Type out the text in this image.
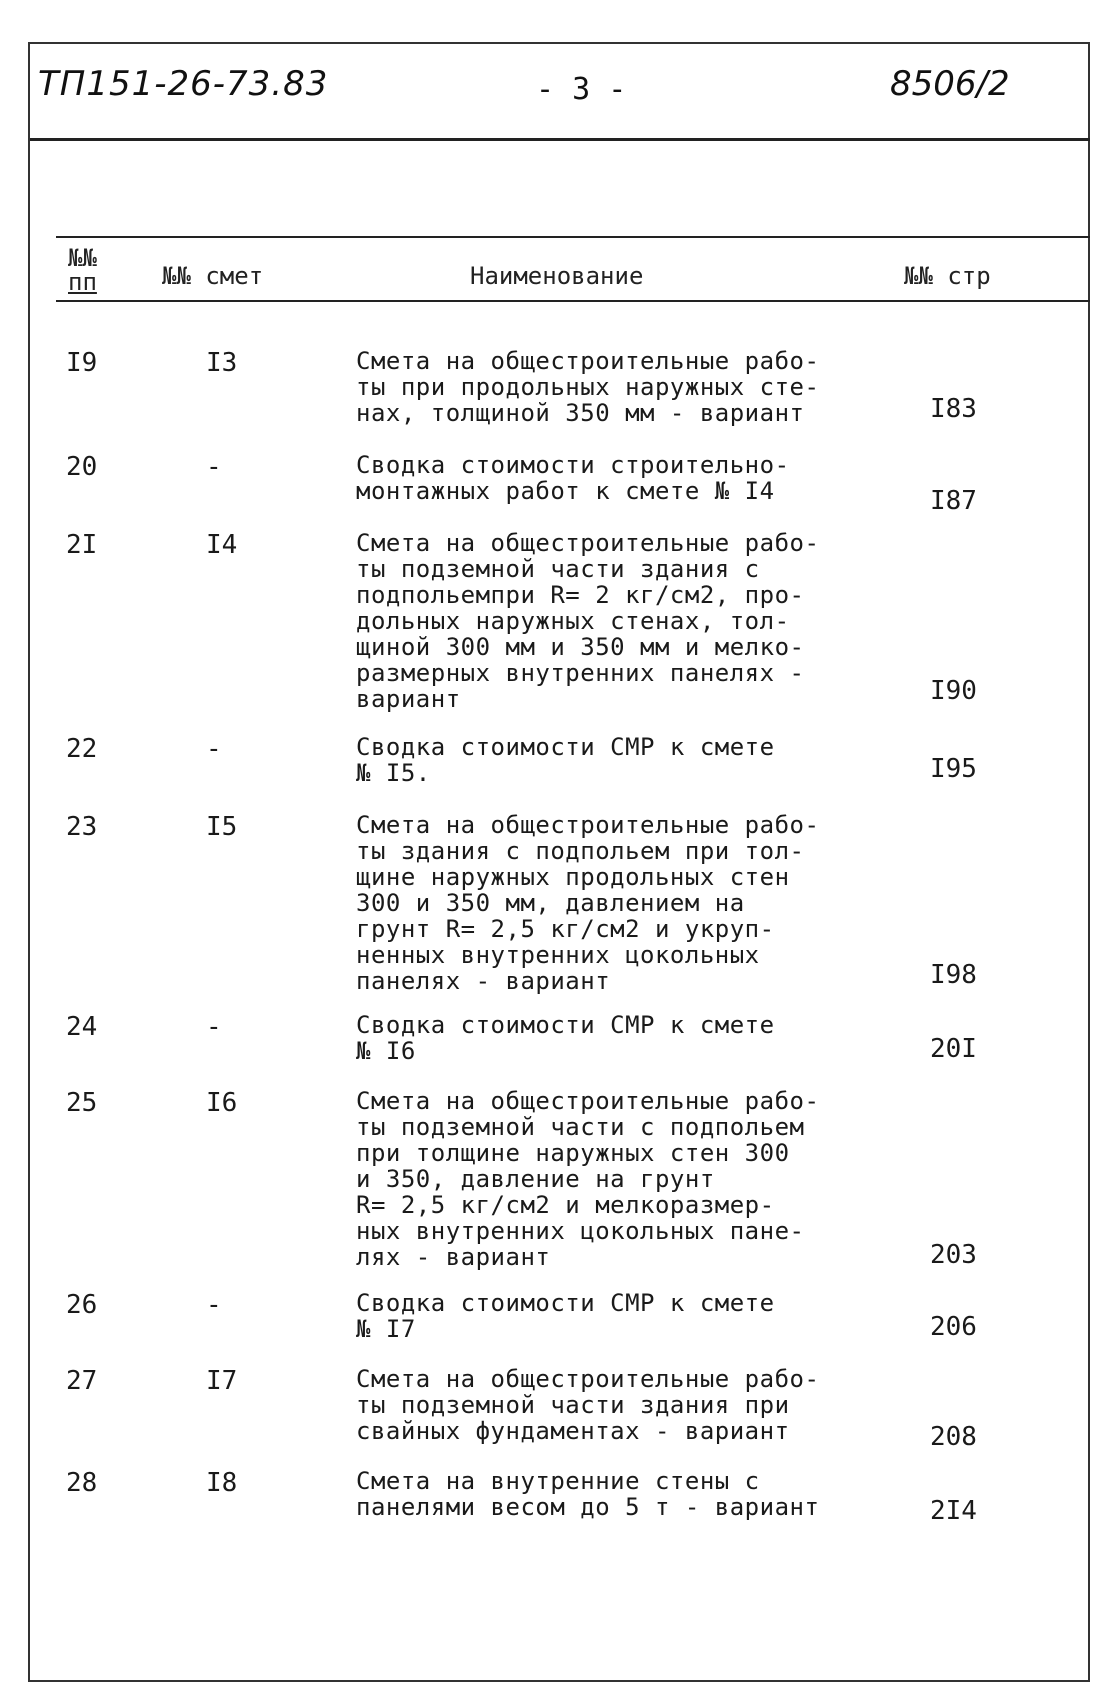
ТП151-26-73.83	- 3 -	8506/2
№№
пп	№№ смет	Наименование	№№ стр
I9	I3	Смета на общестроительные рабо-
ты при продольных наружных сте-
нах, толщиной 350 мм - вариант	I83
20	-	Сводка стоимости строительно-
монтажных работ к смете № I4	I87
2I	I4	Смета на общестроительные рабо-
ты подземной части здания с
подпольемпри R= 2 кг/см2, про-
дольных наружных стенах, тол-
щиной 300 мм и 350 мм и мелко-
размерных внутренних панелях -
вариант	I90
22	-	Сводка стоимости СМР к смете
№ I5.	I95
23	I5	Смета на общестроительные рабо-
ты здания с подпольем при тол-
щине наружных продольных стен
300 и 350 мм, давлением на
грунт R= 2,5 кг/см2 и укруп-
ненных внутренних цокольных
панелях - вариант	I98
24	-	Сводка стоимости СМР к смете
№ I6	20I
25	I6	Смета на общестроительные рабо-
ты подземной части с подпольем
при толщине наружных стен 300
и 350, давление на грунт
R= 2,5 кг/см2 и мелкоразмер-
ных внутренних цокольных пане-
лях - вариант	203
26	-	Сводка стоимости СМР к смете
№ I7	206
27	I7	Смета на общестроительные рабо-
ты подземной части здания при
свайных фундаментах - вариант	208
28	I8	Смета на внутренние стены с
панелями весом до 5 т - вариант	2I4
